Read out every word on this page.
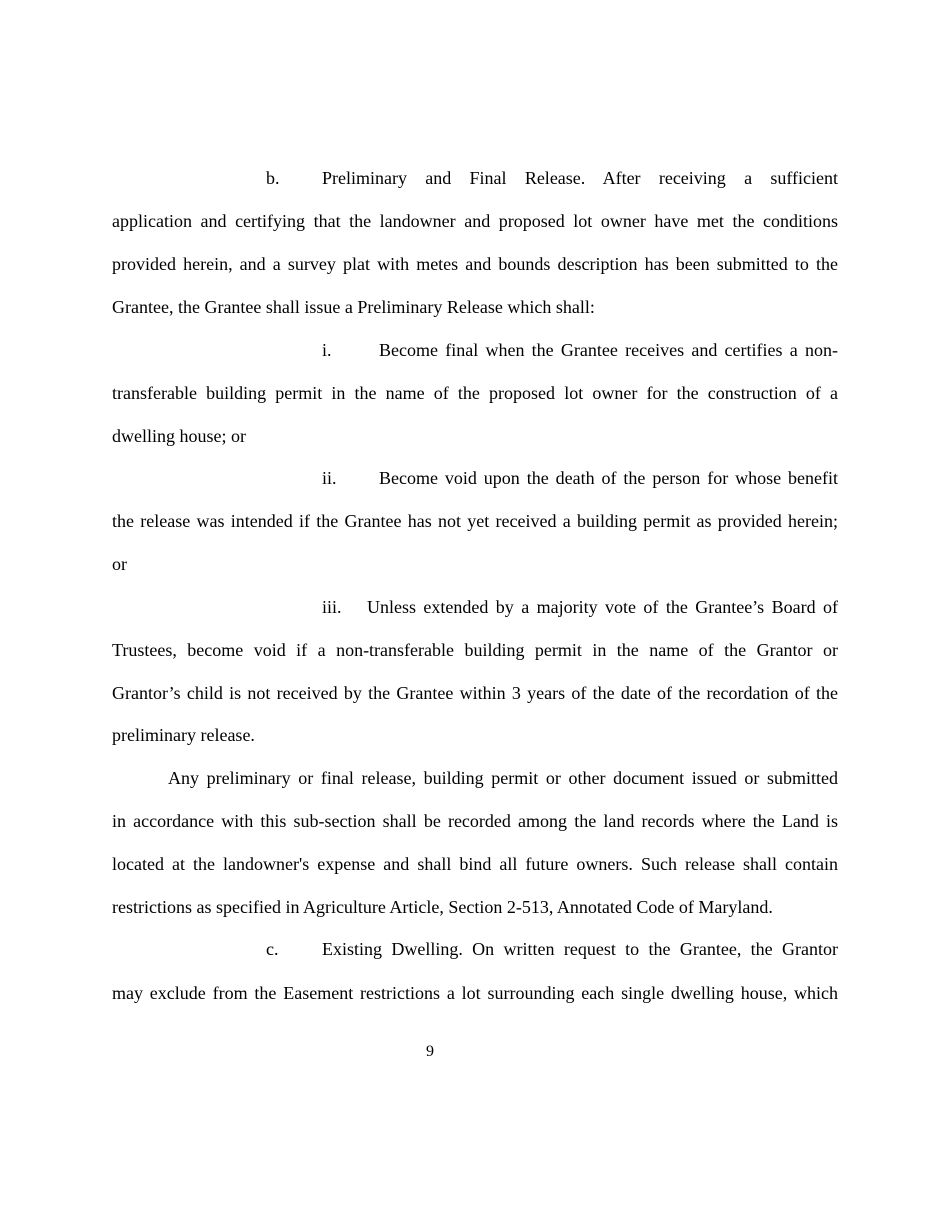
b. Preliminary and Final Release. After receiving a sufficient
application and certifying that the landowner and proposed lot owner have met the conditions
provided herein, and a survey plat with metes and bounds description has been submitted to the
Grantee, the Grantee shall issue a Preliminary Release which shall:
i.	Become final when the Grantee receives and certifies a non-
transferable building permit in the name of the proposed lot owner for the construction of a
dwelling house; or
ii. Become void upon the death of the person for whose benefit
the release was intended if the Grantee has not yet received a building permit as provided herein;
or
iii. Unless extended by a majority vote of the Grantee’s Board of
Trustees, become void if a non-transferable building permit in the name of the Grantor or
Grantor’s child is not received by the Grantee within 3 years of the date of the recordation of the
preliminary release.
Any preliminary or final release, building permit or other document issued or submitted
in accordance with this sub-section shall be recorded among the land records where the Land is
located at the landowner's expense and shall bind all future owners. Such release shall contain
restrictions as specified in Agriculture Article, Section 2-513, Annotated Code of Maryland.
c. Existing Dwelling. On written request to the Grantee, the Grantor
may exclude from the Easement restrictions a lot surrounding each single dwelling house, which
9
